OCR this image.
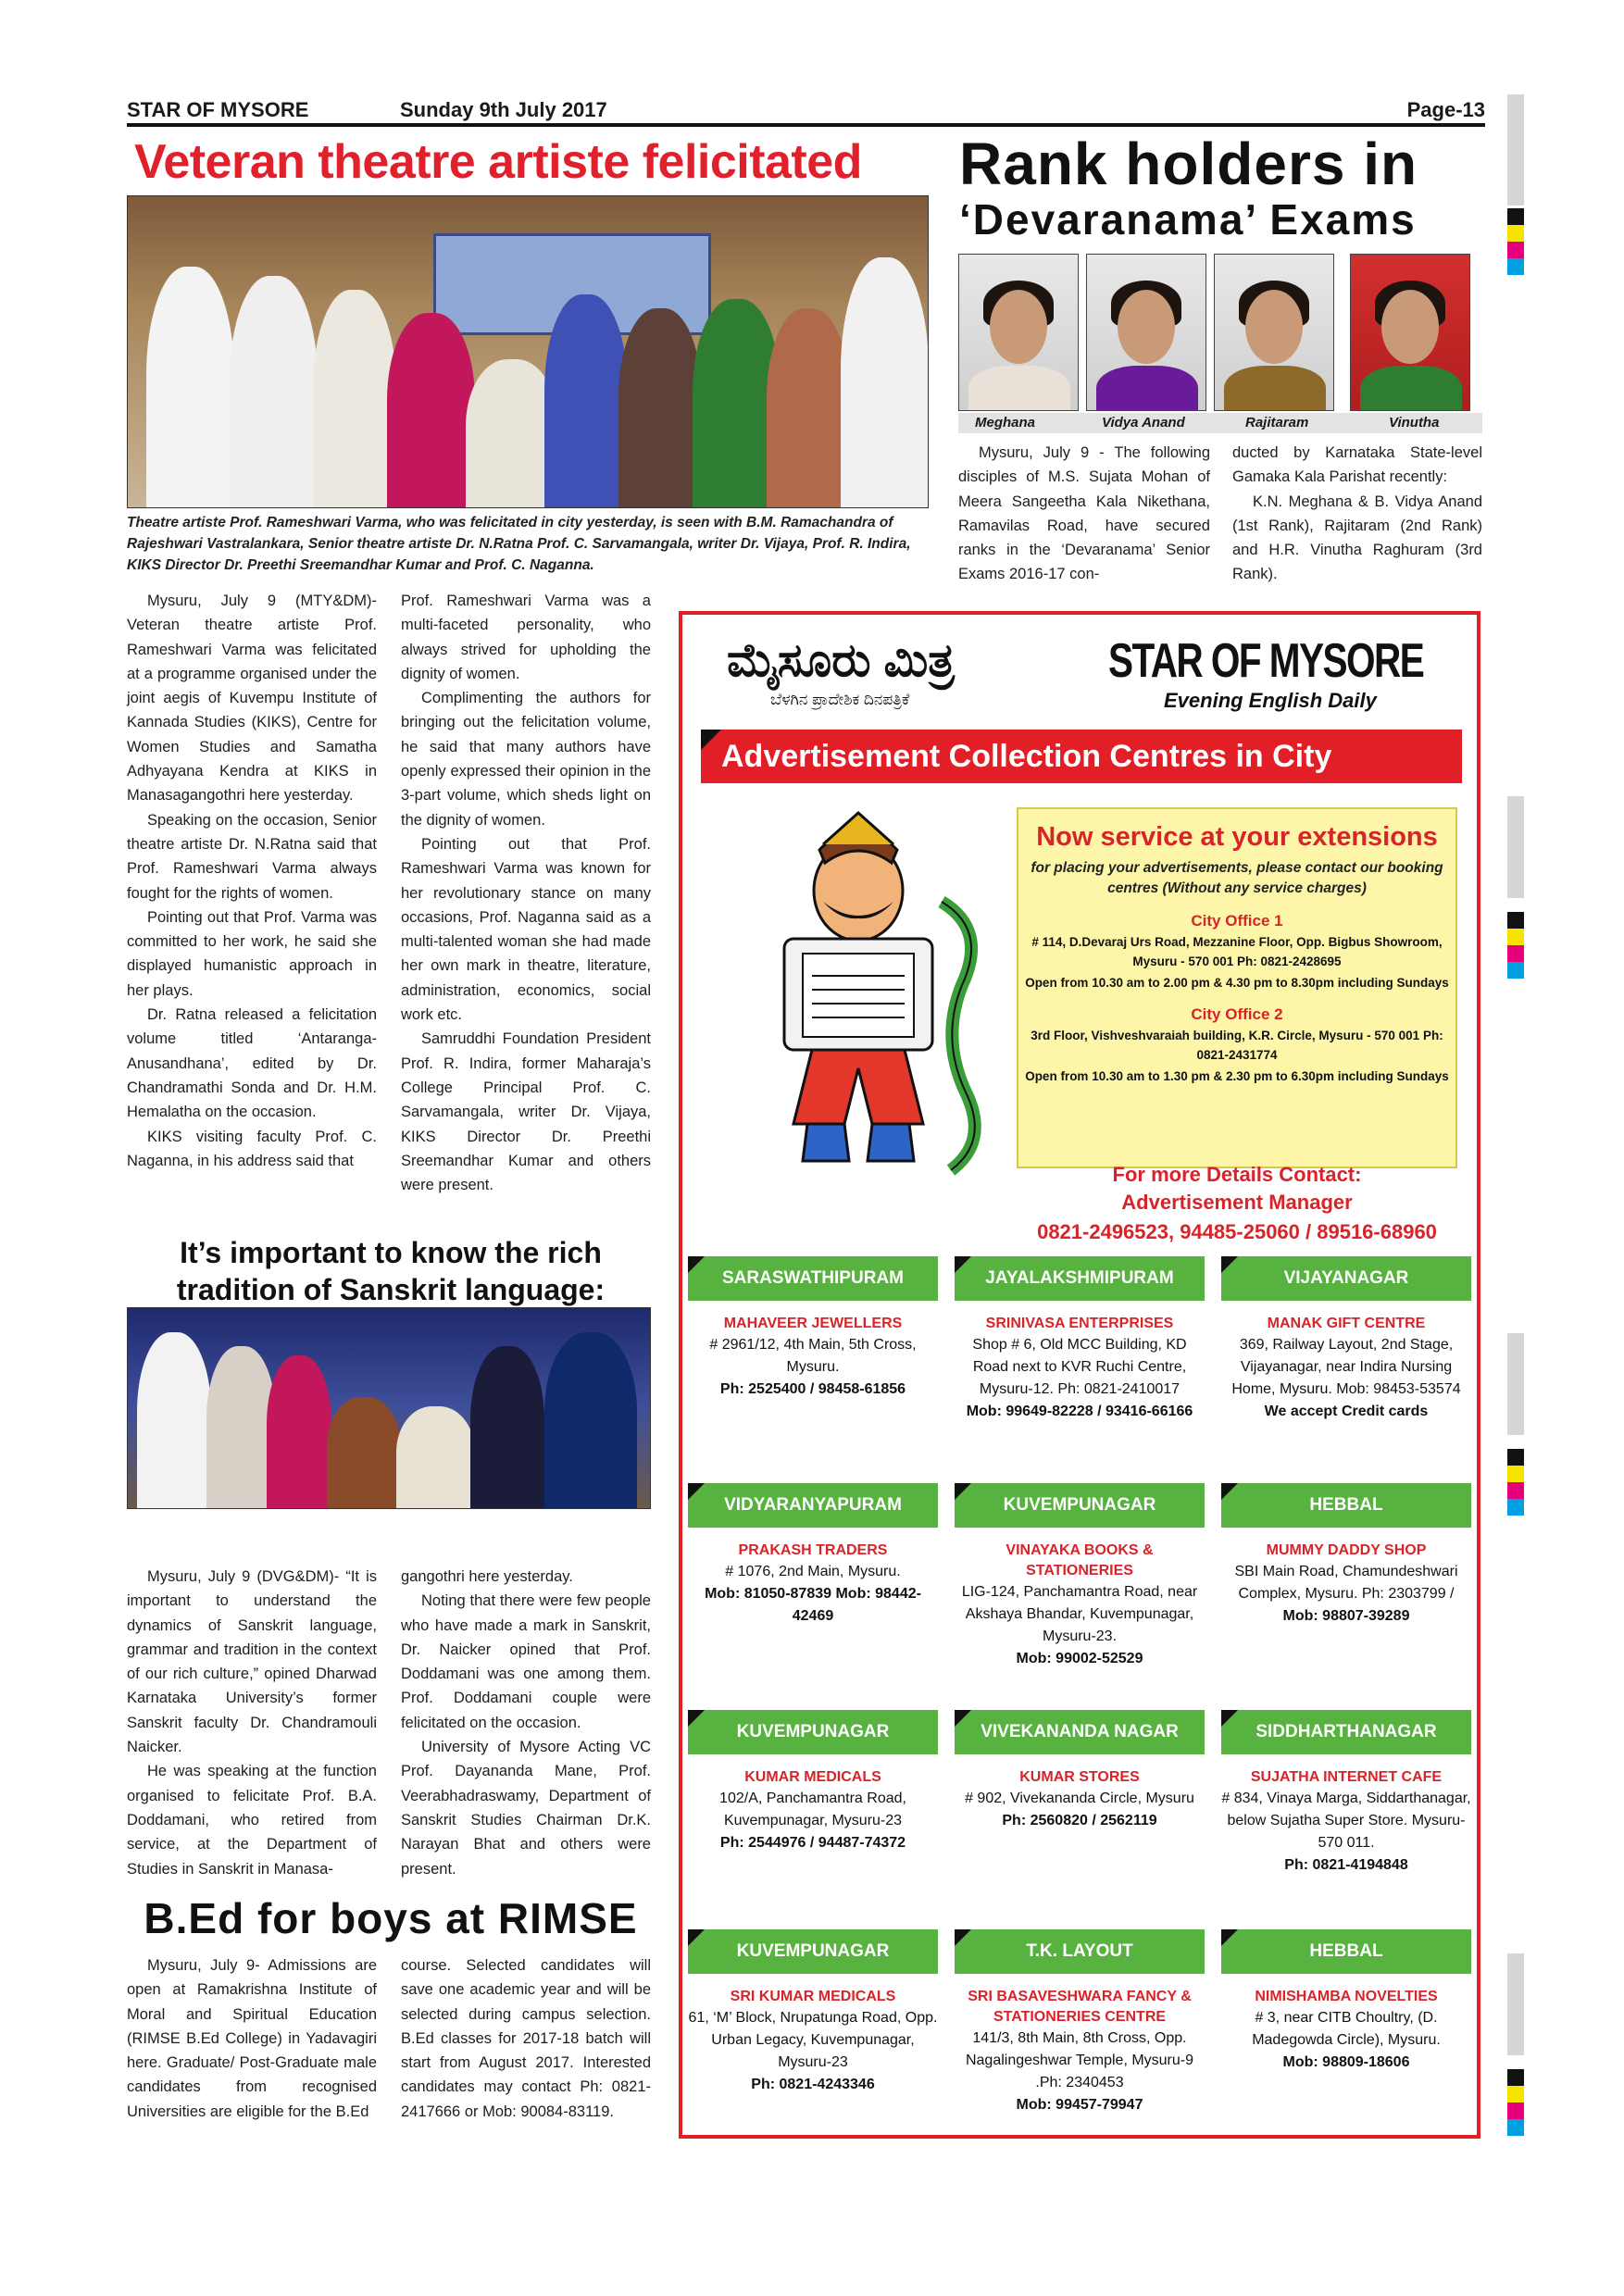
STAR OF MYSORE	Sunday 9th July 2017	Page-13
Veteran theatre artiste felicitated
Theatre artiste Prof. Rameshwari Varma, who was felicitated in city yesterday, is seen with B.M. Ramachandra of Rajeshwari Vastralankara, Senior theatre artiste Dr. N.Ratna Prof. C. Sarvamangala, writer Dr. Vijaya, Prof. R. Indira, KIKS Director Dr. Preethi Sreemandhar Kumar and Prof. C. Naganna.

Mysuru, July 9 (MTY&DM)- Veteran theatre artiste Prof. Rameshwari Varma was felicitated at a programme organised under the joint aegis of Kuvempu Institute of Kannada Studies (KIKS), Centre for Women Studies and Samatha Adhyayana Kendra at KIKS in Manasagangothri here yesterday.

Speaking on the occasion, Senior theatre artiste Dr. N.Ratna said that Prof. Rameshwari Varma always fought for the rights of women.

Pointing out that Prof. Varma was committed to her work, he said she displayed humanistic approach in her plays.

Dr. Ratna released a felicitation volume titled ‘Antaranga-Anusandhana’, edited by Dr. Chandramathi Sonda and Dr. H.M. Hemalatha on the occasion.

KIKS visiting faculty Prof. C. Naganna, in his address said that

Prof. Rameshwari Varma was a multi-faceted personality, who always strived for upholding the dignity of women.

Complimenting the authors for bringing out the felicitation volume, he said that many authors have openly expressed their opinion in the 3-part volume, which sheds light on the dignity of women.

Pointing out that Prof. Rameshwari Varma was known for her revolutionary stance on many occasions, Prof. Naganna said as a multi-talented woman she had made her own mark in theatre, literature, administration, economics, social work etc.

Samruddhi Foundation President Prof. R. Indira, former Maharaja’s College Principal Prof. C. Sarvamangala, writer Dr. Vijaya, KIKS Director Dr. Preethi Sreemandhar Kumar and others were present.

Rank holders in
‘Devaranama’ Exams
Meghana	Vidya Anand	Rajitaram	Vinutha

Mysuru, July 9 - The following disciples of M.S. Sujata Mohan of Meera Sangeetha Kala Nikethana, Ramavilas Road, have secured ranks in the ‘Devaranama’ Senior Exams 2016-17 con-

ducted by Karnataka State-level Gamaka Kala Parishat recently:

K.N. Meghana & B. Vidya Anand (1st Rank), Rajitaram (2nd Rank) and H.R. Vinutha Raghuram (3rd Rank).

It’s important to know the rich tradition of Sanskrit language:

Mysuru, July 9 (DVG&DM)- “It is important to understand the dynamics of Sanskrit language, grammar and tradition in the context of our rich culture,” opined Dharwad Karnataka University’s former Sanskrit faculty Dr. Chandramouli Naicker.

He was speaking at the function organised to felicitate Prof. B.A. Doddamani, who retired from service, at the Department of Studies in Sanskrit in Manasa-

gangothri here yesterday.

Noting that there were few people who have made a mark in Sanskrit, Dr. Naicker opined that Prof. Doddamani was one among them. Prof. Doddamani couple were felicitated on the occasion.

University of Mysore Acting VC Prof. Dayananda Mane, Prof. Veerabhadraswamy, Department of Sanskrit Studies Chairman Dr.K. Narayan Bhat and others were present.

B.Ed for boys at RIMSE

Mysuru, July 9- Admissions are open at Ramakrishna Institute of Moral and Spiritual Education (RIMSE B.Ed College) in Yadavagiri here. Graduate/ Post-Graduate male candidates from recognised Universities are eligible for the B.Ed

course. Selected candidates will save one academic year and will be selected during campus selection. B.Ed classes for 2017-18 batch will start from August 2017. Interested candidates may contact Ph: 0821-2417666 or Mob: 90084-83119.

ಮೈಸೂರು ಮಿತ್ರ
ಬೆಳಗಿನ ಪ್ರಾದೇಶಿಕ ದಿನಪತ್ರಿಕೆ
STAR OF MYSORE
Evening English Daily
Advertisement Collection Centres in City
Now service at your extensions
for placing your advertisements, please contact our booking centres (Without any service charges)
City Office 1
# 114, D.Devaraj Urs Road, Mezzanine Floor, Opp. Bigbus Showroom, Mysuru - 570 001 Ph: 0821-2428695
Open from 10.30 am to 2.00 pm & 4.30 pm to 8.30pm including Sundays
City Office 2
3rd Floor, Vishveshvaraiah building, K.R. Circle, Mysuru - 570 001 Ph: 0821-2431774
Open from 10.30 am to 1.30 pm & 2.30 pm to 6.30pm including Sundays
For more Details Contact:
Advertisement Manager
0821-2496523, 94485-25060 / 89516-68960
SARASWATHIPURAM
MAHAVEER JEWELLERS
# 2961/12, 4th Main, 5th Cross, Mysuru.
Ph: 2525400 / 98458-61856
JAYALAKSHMIPURAM
SRINIVASA ENTERPRISES
Shop # 6, Old MCC Building, KD Road next to KVR Ruchi Centre, Mysuru-12. Ph: 0821-2410017
Mob: 99649-82228 / 93416-66166
VIJAYANAGAR
MANAK GIFT CENTRE
369, Railway Layout, 2nd Stage, Vijayanagar, near Indira Nursing Home, Mysuru. Mob: 98453-53574
We accept Credit cards
VIDYARANYAPURAM
PRAKASH TRADERS
# 1076, 2nd Main, Mysuru.
Mob: 81050-87839 Mob: 98442-42469
KUVEMPUNAGAR
VINAYAKA BOOKS & STATIONERIES
LIG-124, Panchamantra Road, near Akshaya Bhandar, Kuvempunagar, Mysuru-23.
Mob: 99002-52529
HEBBAL
MUMMY DADDY SHOP
SBI Main Road, Chamundeshwari Complex, Mysuru. Ph: 2303799 /
Mob: 98807-39289
KUVEMPUNAGAR
KUMAR MEDICALS
102/A, Panchamantra Road, Kuvempunagar, Mysuru-23
Ph: 2544976 / 94487-74372
VIVEKANANDA NAGAR
KUMAR STORES
# 902, Vivekananda Circle, Mysuru
Ph: 2560820 / 2562119
SIDDHARTHANAGAR
SUJATHA INTERNET CAFE
# 834, Vinaya Marga, Siddarthanagar, below Sujatha Super Store. Mysuru-570 011.
Ph: 0821-4194848
KUVEMPUNAGAR
SRI KUMAR MEDICALS
61, ‘M’ Block, Nrupatunga Road, Opp. Urban Legacy, Kuvempunagar, Mysuru-23
Ph: 0821-4243346
T.K. LAYOUT
SRI BASAVESHWARA FANCY & STATIONERIES CENTRE
141/3, 8th Main, 8th Cross, Opp. Nagalingeshwar Temple, Mysuru-9 .Ph: 2340453
Mob: 99457-79947
HEBBAL
NIMISHAMBA NOVELTIES
# 3, near CITB Choultry, (D. Madegowda Circle), Mysuru.
Mob: 98809-18606
